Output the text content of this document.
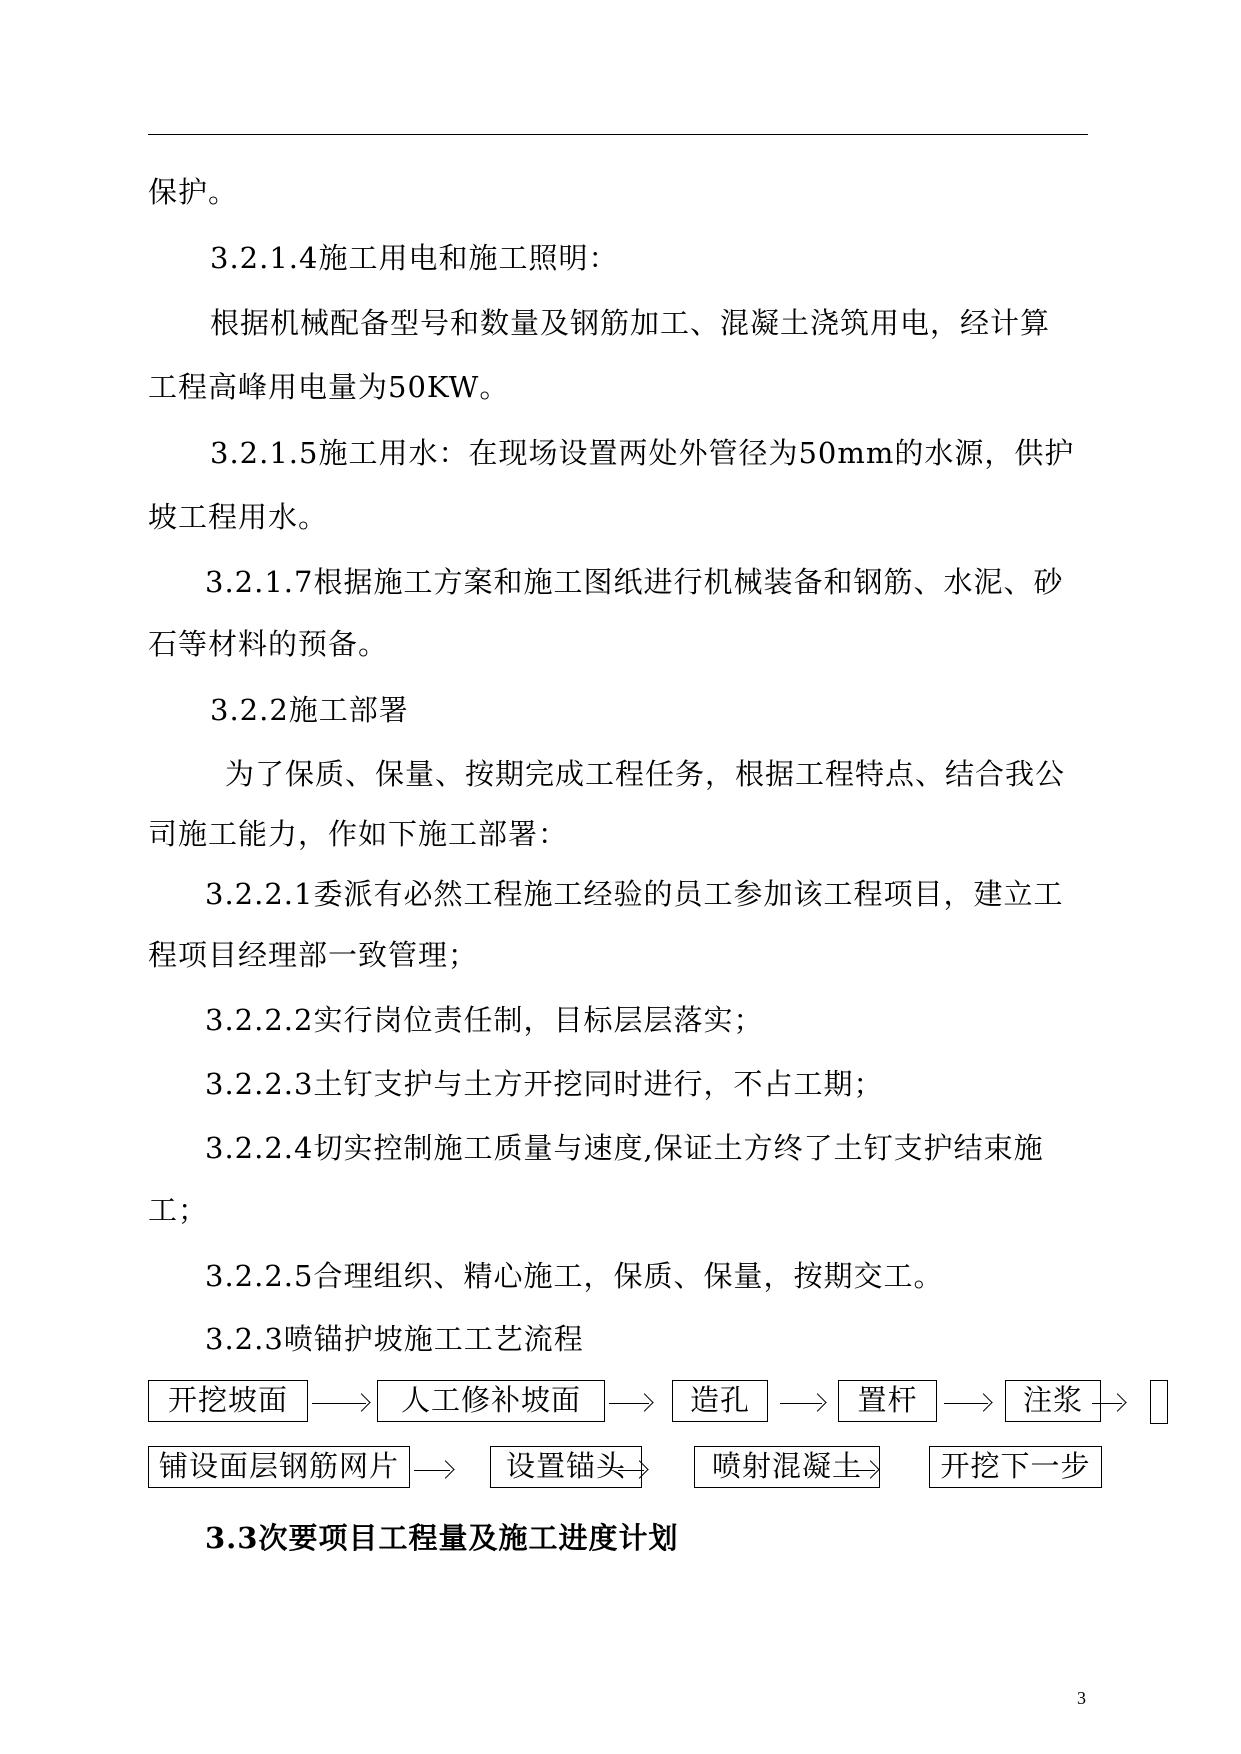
保护。
3.2.1.4施工用电和施工照明：
根据机械配备型号和数量及钢筋加工、混凝土浇筑用电，经计算
工程高峰用电量为50KW。
3.2.1.5施工用水：在现场设置两处外管径为50mm的水源，供护
坡工程用水。
3.2.1.7根据施工方案和施工图纸进行机械装备和钢筋、水泥、砂
石等材料的预备。
3.2.2施工部署
为了保质、保量、按期完成工程任务，根据工程特点、结合我公
司施工能力，作如下施工部署：
3.2.2.1委派有必然工程施工经验的员工参加该工程项目，建立工
程项目经理部一致管理；
3.2.2.2实行岗位责任制，目标层层落实；
3.2.2.3土钉支护与土方开挖同时进行，不占工期；
3.2.2.4切实控制施工质量与速度,保证土方终了土钉支护结束施
工；
3.2.2.5合理组织、精心施工，保质、保量，按期交工。
3.2.3喷锚护坡施工工艺流程
开挖坡面	人工修补坡面	造孔	置杆	注浆
铺设面层钢筋网片	设置锚头	喷射混凝土	开挖下一步
3.3次要项目工程量及施工进度计划
3
